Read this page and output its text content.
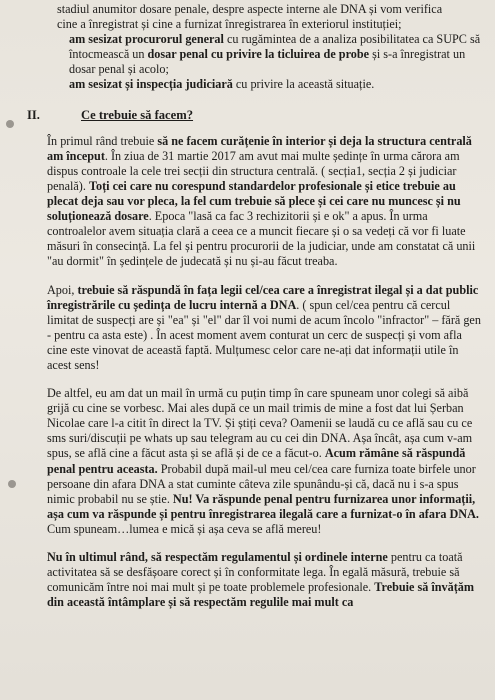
stadiul anumitor dosare penale, despre aspecte interne ale DNA și vom verifica

cine a înregistrat și cine a furnizat înregistrarea în exteriorul instituției;

am sesizat procurorul general cu rugămintea de a analiza posibilitatea ca SUPC să întocmească un dosar penal cu privire la ticluirea de probe și s-a înregistrat un dosar penal și acolo;

am sesizat și inspecția judiciară cu privire la această situație.

II.	Ce trebuie să facem?

În primul rând trebuie să ne facem curățenie în interior și deja la structura centrală am început. În ziua de 31 martie 2017 am avut mai multe ședințe în urma cărora am dispus controale la cele trei secții din structura centrală. ( secția1, secția 2 și judiciar penală). Toți cei care nu corespund standardelor profesionale și etice trebuie au plecat deja sau vor pleca, la fel cum trebuie să plece și cei care nu muncesc și nu soluționează dosare. Epoca "lasă ca fac 3 rechizitorii și e ok" a apus. În urma controalelor avem situația clară a ceea ce a muncit fiecare și o sa vedeți că vor fi luate măsuri în consecință. La fel și pentru procurorii de la judiciar, unde am constatat că unii "au dormit" în ședințele de judecată și nu și-au făcut treaba.

Apoi, trebuie să răspundă în fața legii cel/cea care a înregistrat ilegal și a dat public înregistrările cu ședința de lucru internă a DNA. ( spun cel/cea pentru că cercul limitat de suspecți are și "ea" și "el" dar îl voi numi de acum încolo "infractor" – fără gen - pentru ca asta este) . În acest moment avem conturat un cerc de suspecți și vom afla cine este vinovat de această faptă. Mulțumesc celor care ne-ați dat informații utile în acest sens!

De altfel, eu am dat un mail în urmă cu puțin timp în care spuneam unor colegi să aibă grijă cu cine se vorbesc. Mai ales după ce un mail trimis de mine a fost dat lui Șerban Nicolae care l-a citit în direct la TV. Și știți ceva? Oamenii se laudă cu ce află sau cu ce sms suri/discuții pe whats up sau telegram au cu cei din DNA. Așa încât, așa cum v-am spus, se află cine a făcut asta și se află și de ce a făcut-o. Acum rămâne să răspundă penal pentru aceasta. Probabil după mail-ul meu cel/cea care furniza toate birfele unor persoane din afara DNA a stat cuminte câteva zile spunându-și că, dacă nu i s-a spus nimic probabil nu se știe. Nu! Va răspunde penal pentru furnizarea unor informații, așa cum va răspunde și pentru înregistrarea ilegală care a furnizat-o în afara DNA. Cum spuneam…lumea e mică și așa ceva se află mereu!

Nu în ultimul rând, să respectăm regulamentul și ordinele interne pentru ca toată activitatea să se desfășoare corect și în conformitate lega. În egală măsură, trebuie să comunicăm între noi mai mult și pe toate problemele profesionale. Trebuie să învățăm din această întâmplare și să respectăm regulile mai mult ca
